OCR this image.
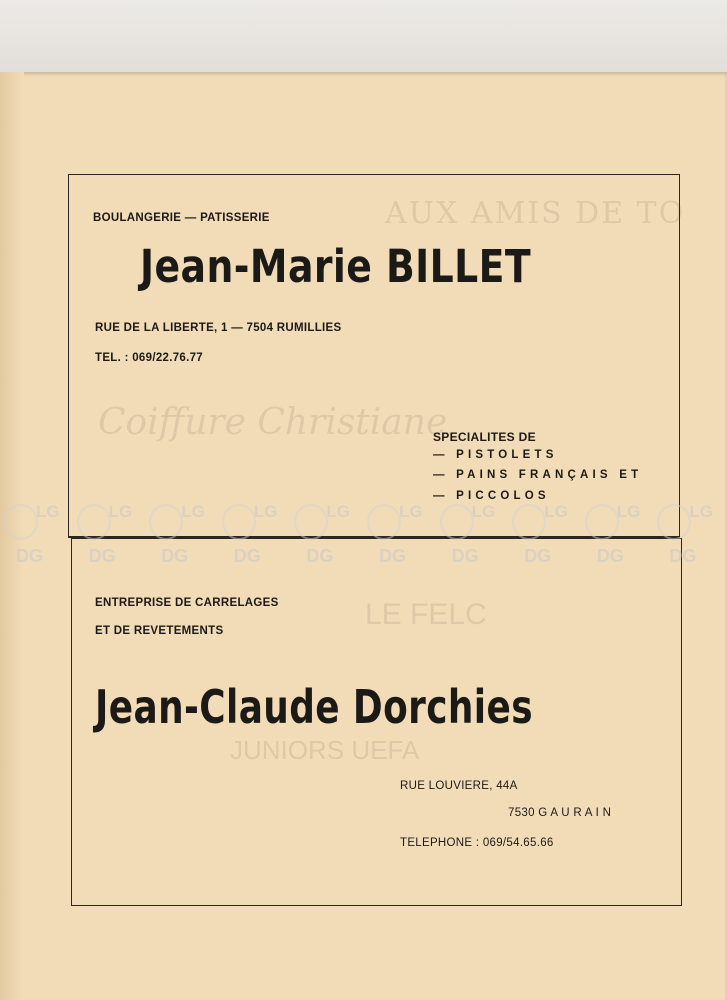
AUX AMIS DE TO
Coiffure Christiane
LE FELC
JUNIORS UEFA
BOULANGERIE — PATISSERIE
Jean-Marie BILLET
RUE DE LA LIBERTE, 1 — 7504 RUMILLIES
TEL. : 069/22.76.77
SPECIALITES DE
— PISTOLETS
— PAINS FRANÇAIS ET
— PICCOLOS
ENTREPRISE DE CARRELAGES
ET DE REVETEMENTS
Jean-Claude Dorchies
RUE LOUVIERE, 44A
7530 G A U R A I N
TELEPHONE : 069/54.65.66
LG
DG
LG
DG
LG
DG
LG
DG
LG
DG
LG
DG
LG
DG
LG
DG
LG
DG
LG
DG
